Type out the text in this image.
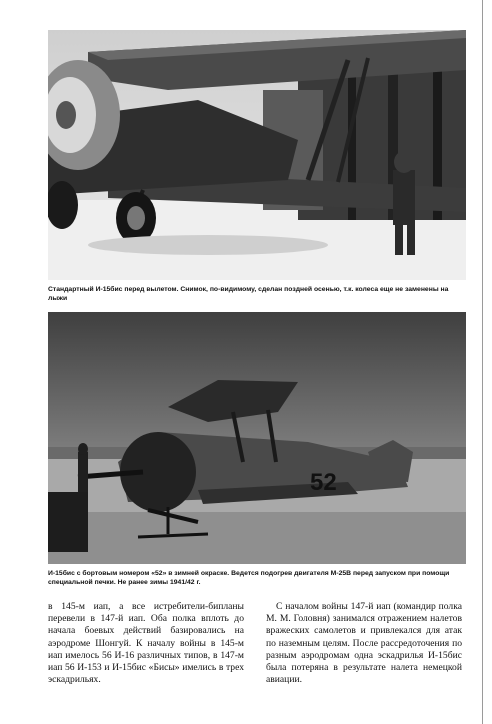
Стандартный И-15бис перед вылетом. Снимок, по-видимому, сделан поздней осенью, т.к. колеса еще не заменены на лыжи
52
И-15бис с бортовым номером «52» в зимней окраске. Ведется подогрев двигателя М-25В перед запуском при помощи специальной печки. Не ранее зимы 1941/42 г.

в 145-м иап, а все истребители-бипланы перевели в 147-й иап. Оба полка вплоть до начала боевых действий базировались на аэродроме Шонгуй. К началу войны в 145-м иап имелось 56 И-16 различных типов, в 147-м иап 56 И-153 и И-15бис «Бисы» имелись в трех эскадрильях.

С началом войны 147-й иап (командир полка М. М. Головня) занимался отражением налетов вражеских самолетов и привлекался для атак по наземным целям. После рассредоточения по разным аэродромам одна эскадрилья И-15бис была потеряна в результате налета немецкой авиации.
